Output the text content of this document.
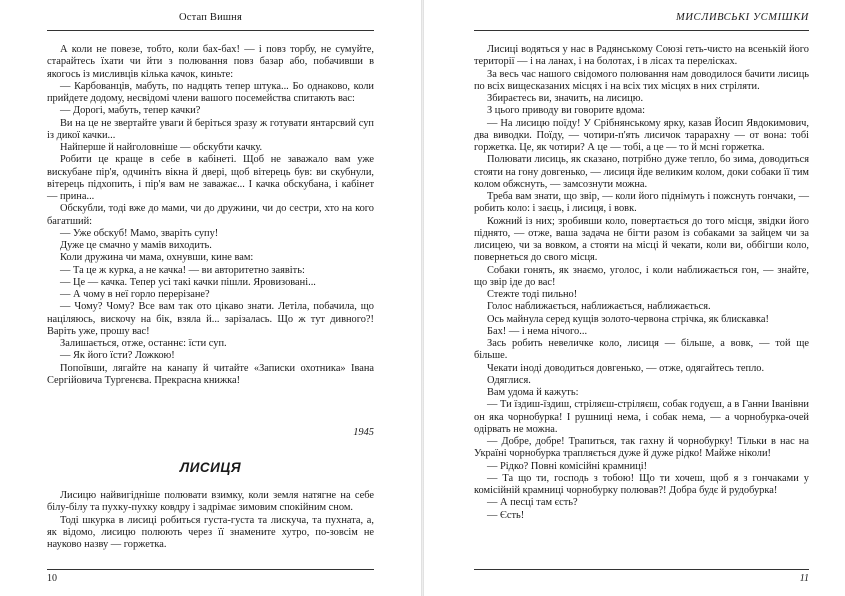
Остап Вишня

А коли не повезе, тобто, коли бах-бах! — і повз торбу, не сумуйте, старайтесь їхати чи йти з полювання повз базар або, побачивши в якогось із мисливців кілька качок, киньте:

— Карбованців, мабуть, по надцять тепер штука... Бо однаково, коли прийдете додому, несвідомі члени вашого посемейства спитають вас:

— Дорогі, мабуть, тепер качки?

Ви на це не звертайте уваги й беріться зразу ж готувати янтарсвий суп із дикої качки...

Найперше й найголовніше — обскубти качку.

Робити це краще в себе в кабінеті. Щоб не заважало вам уже вискубане пір'я, одчиніть вікна й двері, щоб вітерець був: ви скубнули, вітерець підхопить, і пір'я вам не заважає... І качка обскубана, і кабінет — прина...

Обскубли, тоді вже до мами, чи до дружини, чи до сестри, хто на кого багатший:

— Уже обскуб! Мамо, зваріть супу!

Дуже це смачно у мамів виходить.

Коли дружина чи мама, охнувши, кине вам:

— Та це ж курка, а не качка! — ви авторитетно заявіть:

— Це — качка. Тепер усі такі качки пішли. Яровизовані...

— А чому в неї горло перерізане?

— Чому? Чому? Все вам так ото цікаво знати. Летіла, побачила, що націляюсь, вискочу на бік, взяла й... зарізалась. Що ж тут дивного?! Варіть уже, прошу вас!

Залишається, отже, останнє: їсти суп.

— Як його їсти? Ложкою!

Попоївши, лягайте на канапу й читайте «Записки охотника» Івана Сергійовича Тургенєва. Прекрасна книжка!

1945
ЛИСИЦЯ

Лисицю найвигідніше полювати взимку, коли земля натягне на себе білу-білу та пухку-пухку ковдру і задрімає зимовим спокійним сном.

Тоді шкурка в лисиці робиться густа-густа та лискуча, та пухната, а, як відомо, лисицю полюють через її знамените хутро, по-зовсім не науково назву — горжетка.

10
МИСЛИВСЬКІ УСМІШКИ

Лисиці водяться у нас в Радянському Союзі геть-чисто на всенькій його території — і на ланах, і на болотах, і в лісах та перелісках.

За весь час нашого свідомого полювання нам доводилося бачити лисиць по всіх вищесказаних місцях і на всіх тих місцях в них стріляти.

Збираєтесь ви, значить, на лисицю.

З цього приводу ви говорите вдома:

— На лисицю поїду! У Срібнянському ярку, казав Йосип Явдокимович, два виводки. Поїду, — чотири-п'ять лисичок тарарахну — от вона: тобі горжетка. Це, як чотири? А це — тобі, а це — то й мсні горжетка.

Полювати лисиць, як сказано, потрібно дуже тепло, бо зима, доводиться стояти на гону довгенько, — лисиця йде великим колом, доки собаки її тим колом обжснуть, — замсознути можна.

Треба вам знати, що звір, — коли його піднімуть і пожснуть гончаки, — робить коло: і заєць, і лисиця, і вовк.

Кожний із них; зробивши коло, повертається до того місця, звідки його піднято, — отже, ваша задача не бігти разом із собаками за зайцем чи за лисицею, чи за вовком, а стояти на місці й чекати, коли ви, оббігши коло, повернеться до свого місця.

Собаки гонять, як знаємо, уголос, і коли наближається гон, — знайте, що звір іде до вас!

Стежте тоді пильно!

Голос наближається, наближається, наближається.

Ось майнула серед кущів золото-червона стрічка, як блискавка!

Бах! — і нема нічого...

Зась робить невеличке коло, лисиця — більше, а вовк, — той ще більше.

Чекати іноді доводиться довгенько, — отже, одягайтесь тепло.

Одяглися.

Вам удома й кажуть:

— Ти їздиш-їздиш, стріляєш-стріляєш, собак годуєш, а в Ганни Іванівни он яка чорнобурка! І рушниці нема, і собак нема, — а чорнобурка-очей одірвать не можна.

— Добре, добре! Трапиться, так гахну й чорнобурку! Тільки в нас на Україні чорнобурка трапляється дуже й дуже рідко! Майже ніколи!

— Рідко? Повні комісійні крамниці!

— Та що ти, господь з тобою! Що ти хочеш, щоб я з гончаками у комісійній крамниці чорнобурку полював?! Добра будє й рудобурка!

— А песці там єсть?

— Єсть!

11
